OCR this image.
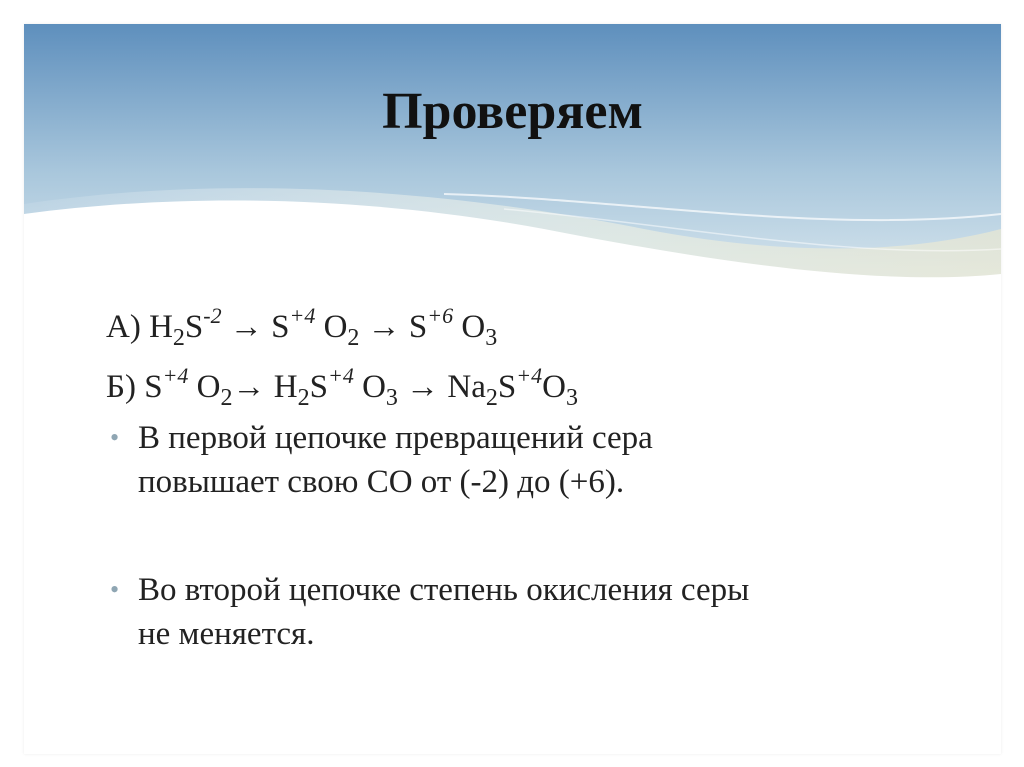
Проверяем
А) $H_2S^{-2} \to S^{+4}$ $O_2 \to S^{+6}$ $O_3$
Б) $S^{+4}$ $O_2\to H_2S^{+4}$ $O_3 \to Na_2S^{+4}O_3$
• В первой цепочке превращений сера
повышает свою СО от (-2) до (+6).
• Во второй цепочке степень окисления серы
не меняется.
